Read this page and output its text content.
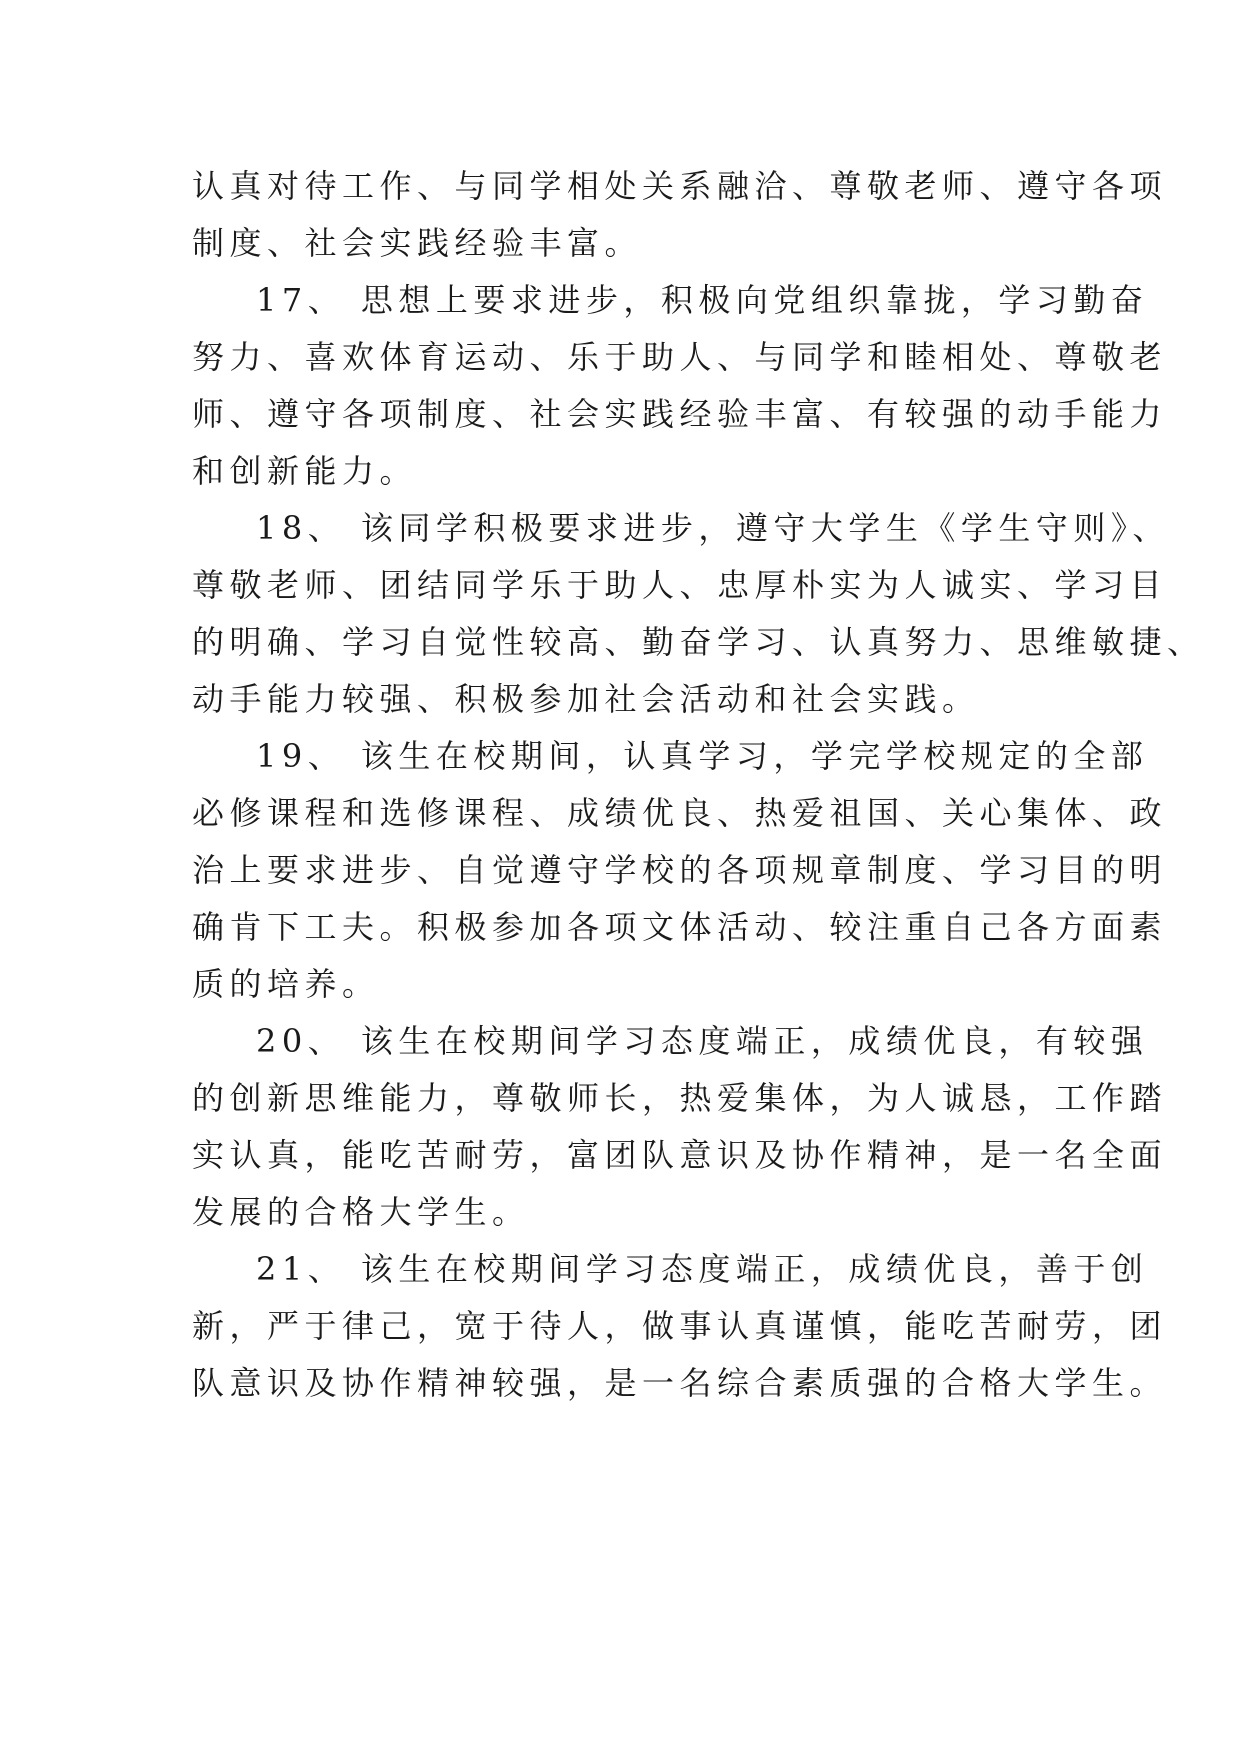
认真对待工作、与同学相处关系融洽、尊敬老师、遵守各项
制度、社会实践经验丰富。
17、 思想上要求进步，积极向党组织靠拢，学习勤奋
努力、喜欢体育运动、乐于助人、与同学和睦相处、尊敬老
师、遵守各项制度、社会实践经验丰富、有较强的动手能力
和创新能力。
18、 该同学积极要求进步，遵守大学生《学生守则》、
尊敬老师、团结同学乐于助人、忠厚朴实为人诚实、学习目
的明确、学习自觉性较高、勤奋学习、认真努力、思维敏捷、
动手能力较强、积极参加社会活动和社会实践。
19、 该生在校期间，认真学习，学完学校规定的全部
必修课程和选修课程、成绩优良、热爱祖国、关心集体、政
治上要求进步、自觉遵守学校的各项规章制度、学习目的明
确肯下工夫。积极参加各项文体活动、较注重自己各方面素
质的培养。
20、 该生在校期间学习态度端正，成绩优良，有较强
的创新思维能力，尊敬师长，热爱集体，为人诚恳，工作踏
实认真，能吃苦耐劳，富团队意识及协作精神，是一名全面
发展的合格大学生。
21、 该生在校期间学习态度端正，成绩优良，善于创
新，严于律己，宽于待人，做事认真谨慎，能吃苦耐劳，团
队意识及协作精神较强，是一名综合素质强的合格大学生。
